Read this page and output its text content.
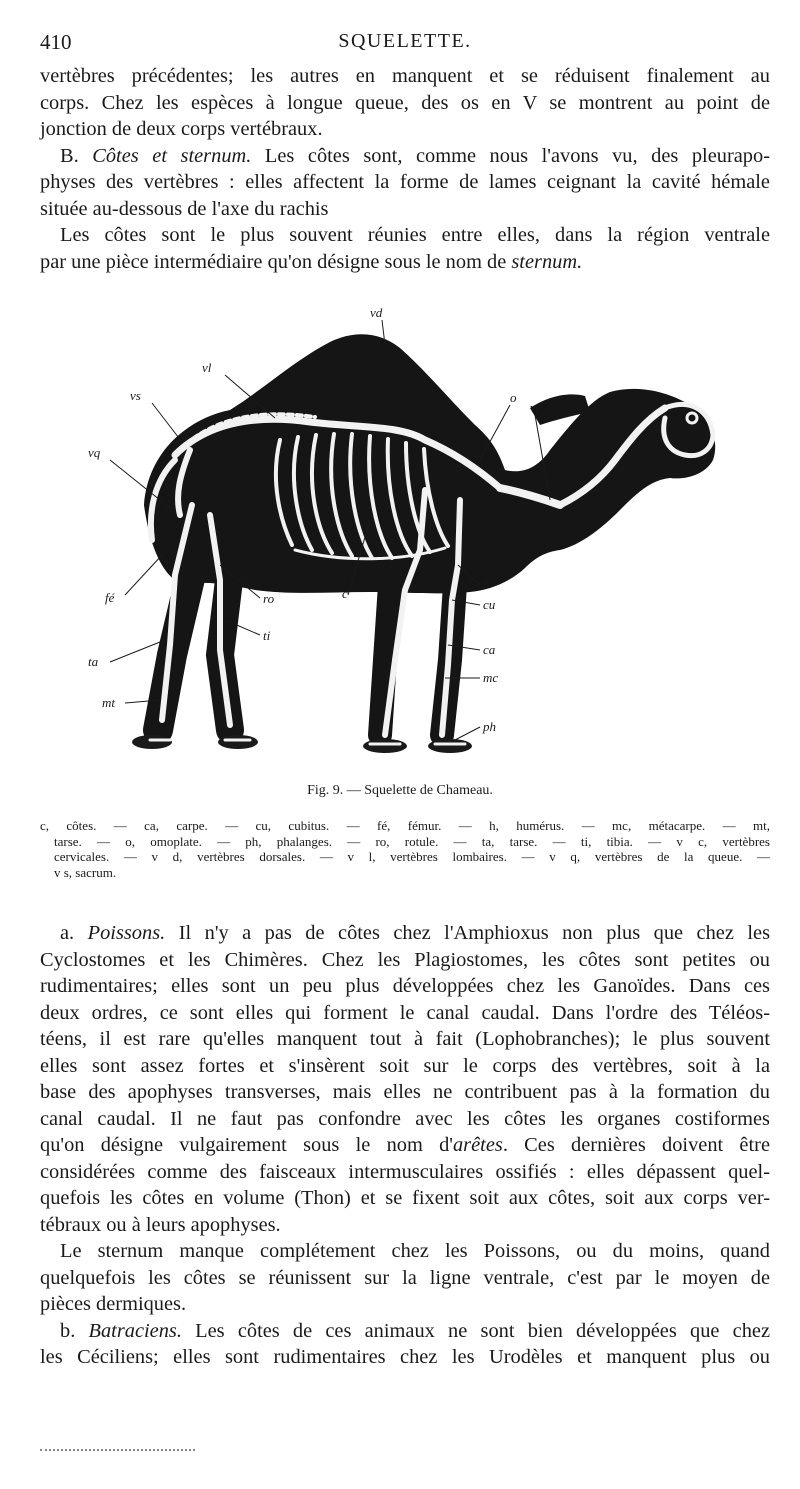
410	SQUELETTE.
vertèbres précédentes; les autres en manquent et se réduisent finalement au
corps. Chez les espèces à longue queue, des os en V se montrent au point de
jonction de deux corps vertébraux.
B. Côtes et sternum. Les côtes sont, comme nous l'avons vu, des pleurapo-
physes des vertèbres : elles affectent la forme de lames ceignant la cavité hémale
située au-dessous de l'axe du rachis
Les côtes sont le plus souvent réunies entre elles, dans la région ventrale
par une pièce intermédiaire qu'on désigne sous le nom de sternum.
vd
vl
vs
vq
o
vc
fé	ro
ti
ta
mt
c
h
cu
ca
mc
ph
Fig. 9. — Squelette de Chameau.
c, côtes. — ca, carpe. — cu, cubitus. — fé, fémur. — h, humérus. — mc, métacarpe. — mt,
tarse. — o, omoplate. — ph, phalanges. — ro, rotule. — ta, tarse. — ti, tibia. — v c, vertèbres
cervicales. — v d, vertèbres dorsales. — v l, vertèbres lombaires. — v q, vertèbres de la queue. —
v s, sacrum.
a. Poissons. Il n'y a pas de côtes chez l'Amphioxus non plus que chez les
Cyclostomes et les Chimères. Chez les Plagiostomes, les côtes sont petites ou
rudimentaires; elles sont un peu plus développées chez les Ganoïdes. Dans ces
deux ordres, ce sont elles qui forment le canal caudal. Dans l'ordre des Téléos-
téens, il est rare qu'elles manquent tout à fait (Lophobranches); le plus souvent
elles sont assez fortes et s'insèrent soit sur le corps des vertèbres, soit à la
base des apophyses transverses, mais elles ne contribuent pas à la formation du
canal caudal. Il ne faut pas confondre avec les côtes les organes costiformes
qu'on désigne vulgairement sous le nom d'arêtes. Ces dernières doivent être
considérées comme des faisceaux intermusculaires ossifiés : elles dépassent quel-
quefois les côtes en volume (Thon) et se fixent soit aux côtes, soit aux corps ver-
tébraux ou à leurs apophyses.
Le sternum manque complétement chez les Poissons, ou du moins, quand
quelquefois les côtes se réunissent sur la ligne ventrale, c'est par le moyen de
pièces dermiques.
b. Batraciens. Les côtes de ces animaux ne sont bien développées que chez
les Céciliens; elles sont rudimentaires chez les Urodèles et manquent plus ou
